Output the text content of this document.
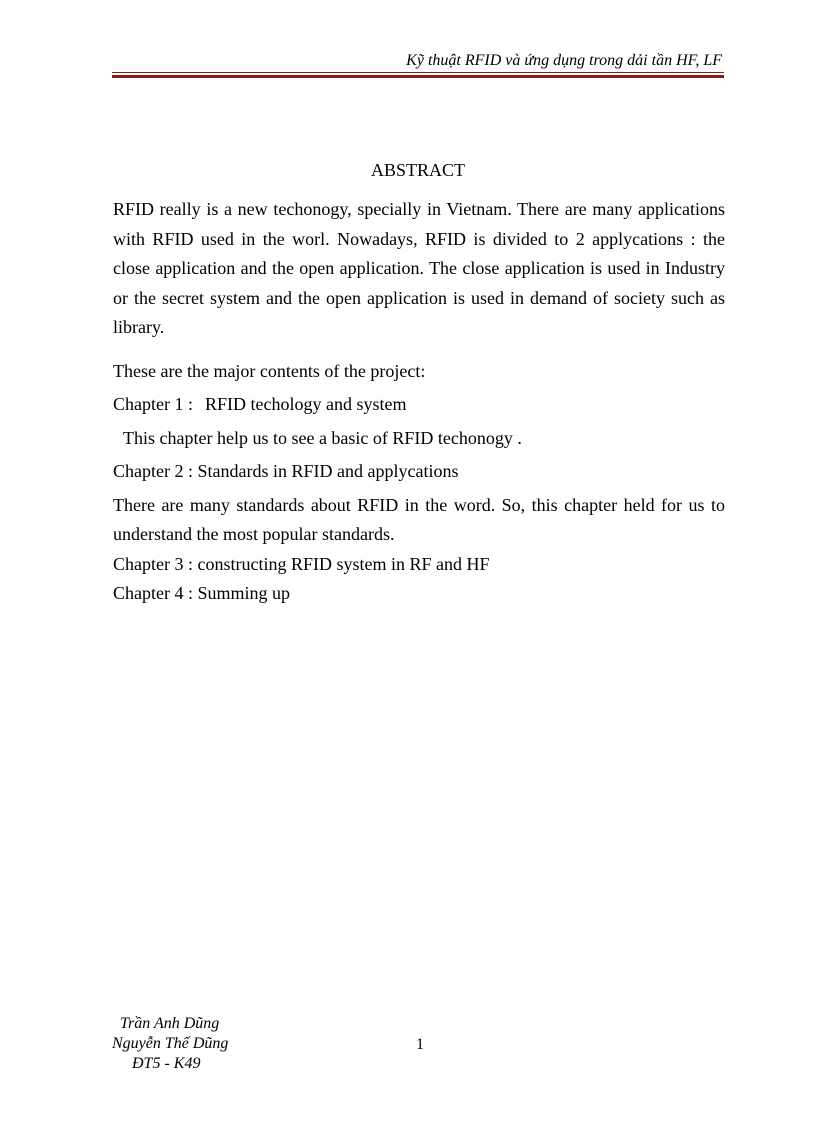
Kỹ thuật RFID và ứng dụng trong dải tần HF, LF
ABSTRACT

RFID really is a new techonogy, specially in Vietnam. There are many applications with RFID used in the worl. Nowadays, RFID is divided to 2 applycations : the close application and the open application. The close application is used in Industry or the secret system and the open application is used in demand of society such as library.

These are the major contents of the project:

Chapter 1 : RFID techology and system

This chapter help us to see a basic of RFID techonogy .

Chapter 2 : Standards in RFID and applycations

There are many standards about RFID in the word. So, this chapter held for us to understand the most popular standards.

Chapter 3 : constructing RFID system in RF and HF

Chapter 4 : Summing up

Trần Anh Dũng
Nguyễn Thế Dũng
ĐT5 - K49
1
